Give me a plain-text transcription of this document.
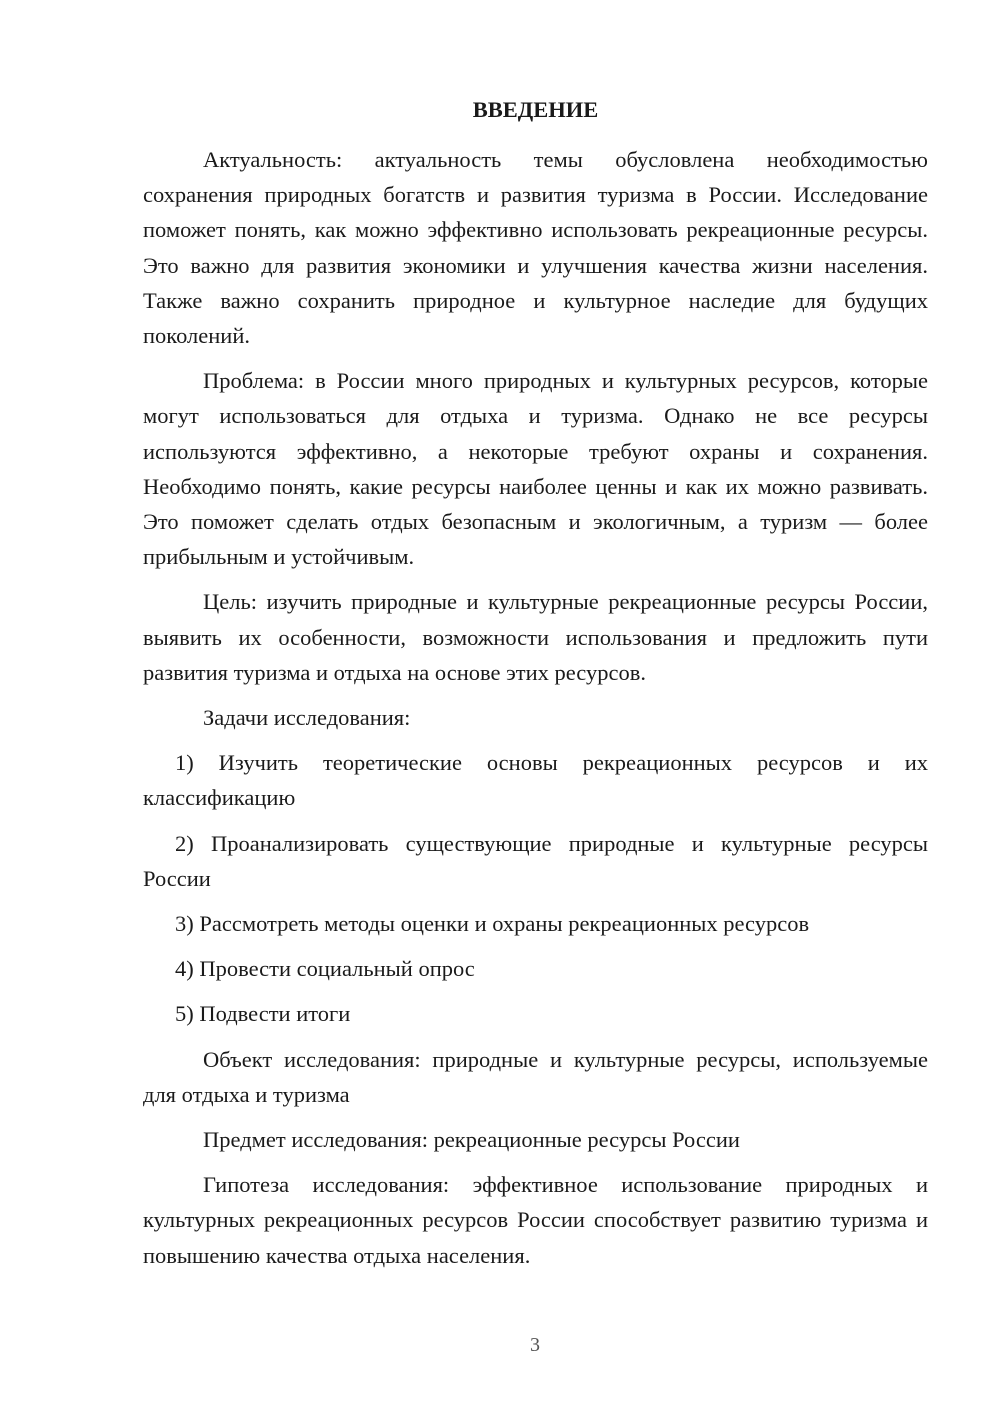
ВВЕДЕНИЕ

Актуальность: актуальность темы обусловлена необходимостью сохранения природных богатств и развития туризма в России. Исследование поможет понять, как можно эффективно использовать рекреационные ресурсы. Это важно для развития экономики и улучшения качества жизни населения. Также важно сохранить природное и культурное наследие для будущих поколений.

Проблема: в России много природных и культурных ресурсов, которые могут использоваться для отдыха и туризма. Однако не все ресурсы используются эффективно, а некоторые требуют охраны и сохранения. Необходимо понять, какие ресурсы наиболее ценны и как их можно развивать. Это поможет сделать отдых безопасным и экологичным, а туризм — более прибыльным и устойчивым.

Цель: изучить природные и культурные рекреационные ресурсы России, выявить их особенности, возможности использования и предложить пути развития туризма и отдыха на основе этих ресурсов.

Задачи исследования:

1) Изучить теоретические основы рекреационных ресурсов и их классификацию

2) Проанализировать существующие природные и культурные ресурсы России

3) Рассмотреть методы оценки и охраны рекреационных ресурсов

4) Провести социальный опрос

5) Подвести итоги

Объект исследования: природные и культурные ресурсы, используемые для отдыха и туризма

Предмет исследования: рекреационные ресурсы России

Гипотеза исследования: эффективное использование природных и культурных рекреационных ресурсов России способствует развитию туризма и повышению качества отдыха населения.

3
